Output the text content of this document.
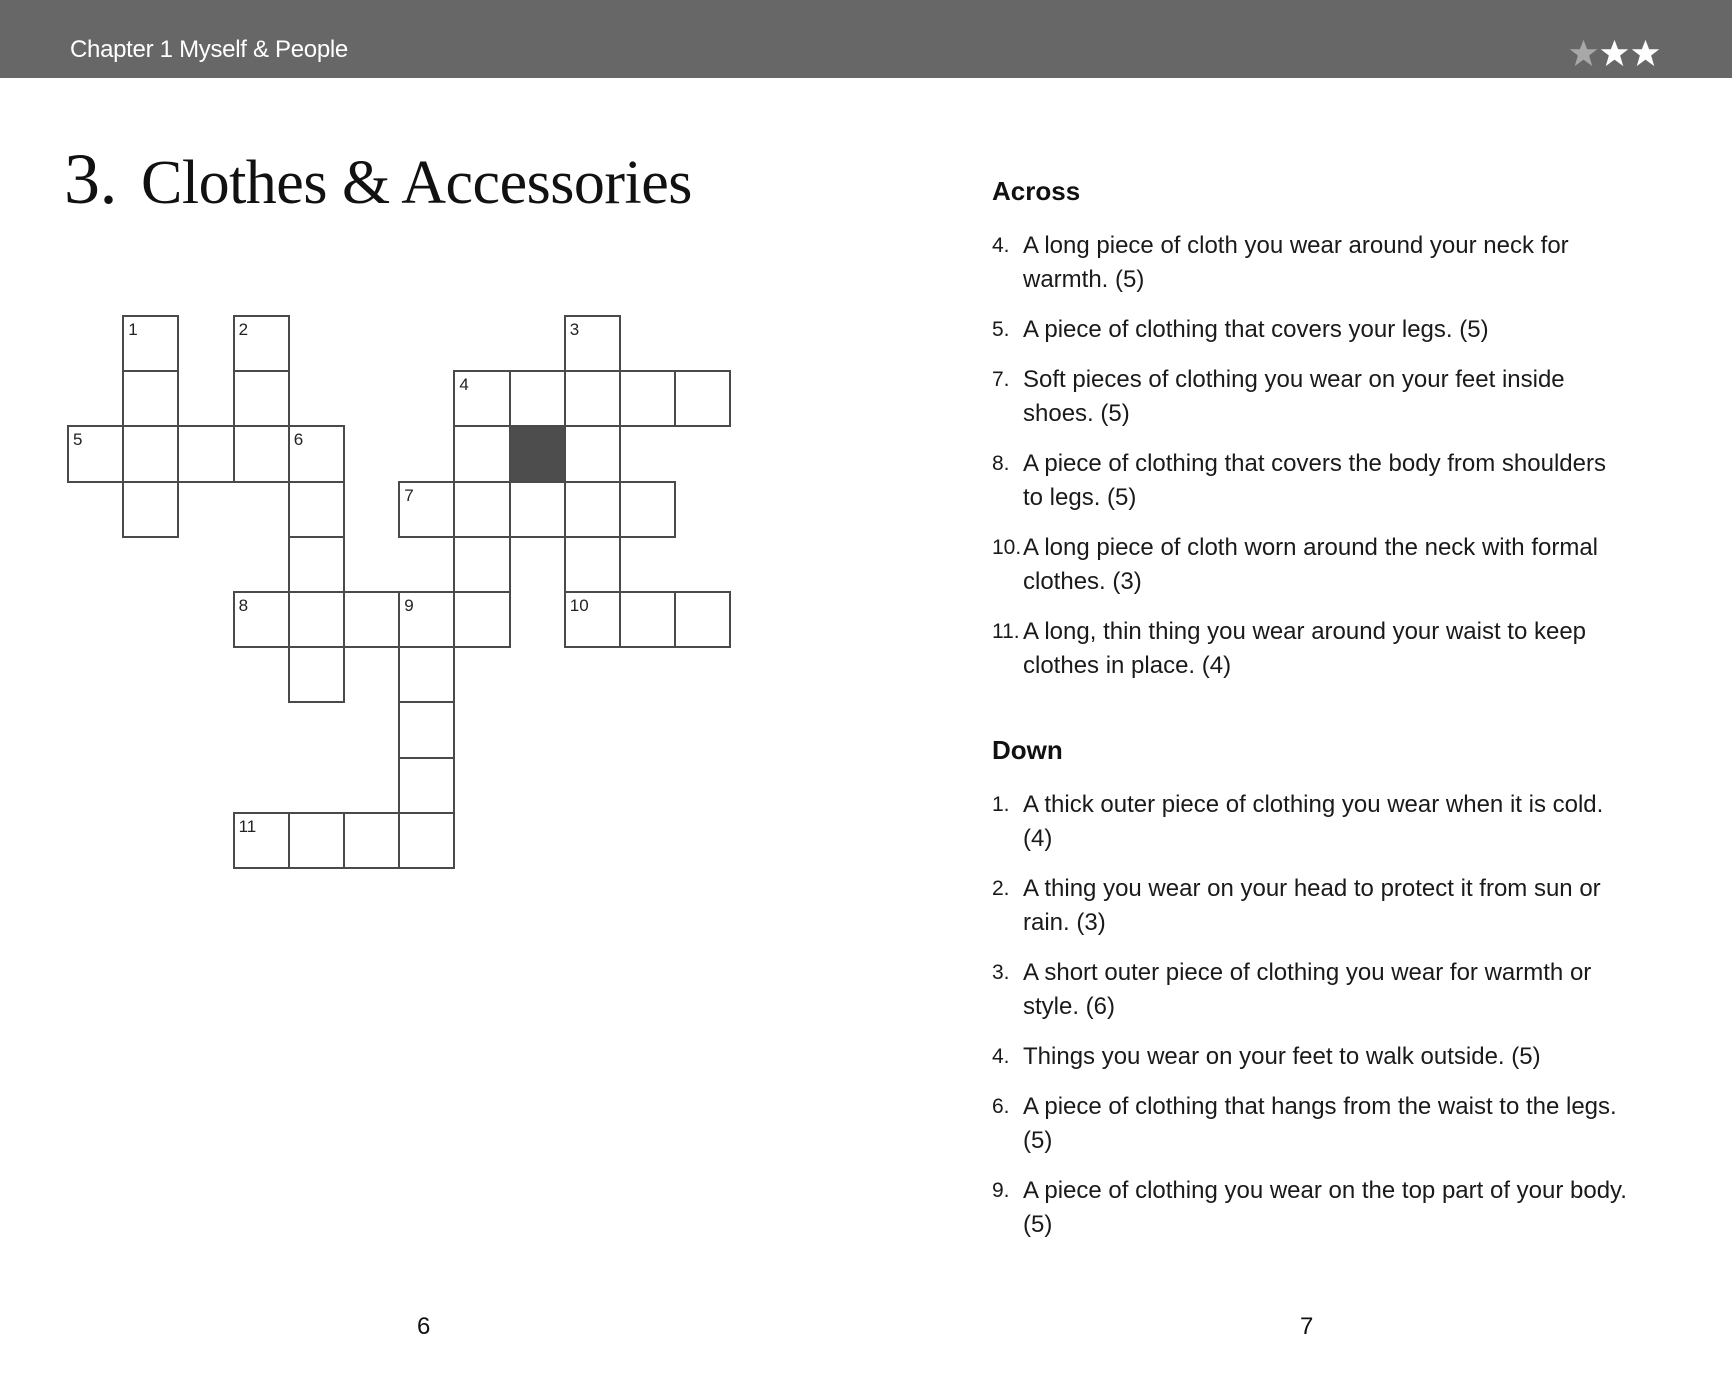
Chapter 1 Myself & People
3. Clothes & Accessories
1	2	3
4
5	6
7
8	9	10
11
Across
4. A long piece of cloth you wear around your neck for warmth. (5)
5. A piece of clothing that covers your legs. (5)
7. Soft pieces of clothing you wear on your feet inside shoes. (5)
8. A piece of clothing that covers the body from shoulders to legs. (5)
10. A long piece of cloth worn around the neck with formal clothes. (3)
11. A long, thin thing you wear around your waist to keep clothes in place. (4)
Down
1. A thick outer piece of clothing you wear when it is cold. (4)
2. A thing you wear on your head to protect it from sun or rain. (3)
3. A short outer piece of clothing you wear for warmth or style. (6)
4. Things you wear on your feet to walk outside. (5)
6. A piece of clothing that hangs from the waist to the legs. (5)
9. A piece of clothing you wear on the top part of your body. (5)
6	7
